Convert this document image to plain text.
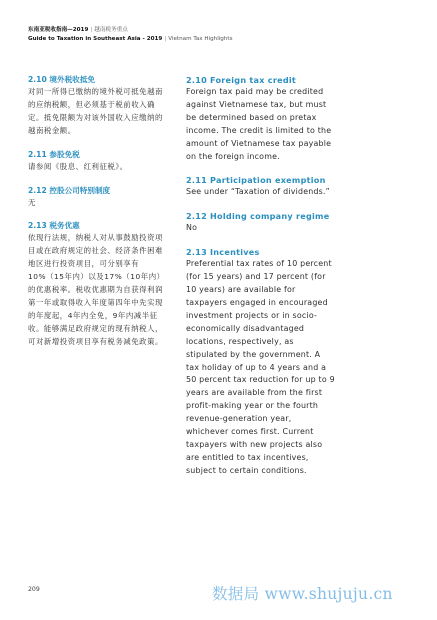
东南亚税收指南—2019 | 越南税务重点
Guide to Taxation in Southeast Asia - 2019 | Vietnam Tax Highlights
2.10 境外税收抵免
对同一所得已缴纳的境外税可抵免越南的应纳税额，但必须基于税前收入确定。抵免限额为对该外国收入应缴纳的越南税金额。
2.11 参股免税
请参阅《股息、红利征税》。
2.12 控股公司特别制度
无
2.13 税务优惠
依现行法规，纳税人对从事鼓励投资项目或在政府规定的社会、经济条件困难地区进行投资项目，可分别享有10%（15年内）以及17%（10年内）的优惠税率。税收优惠期为自获得利润第一年或取得收入年度第四年中先实现的年度起，4年内全免，9年内减半征收。能够满足政府规定的现有纳税人，可对新增投资项目享有税务减免政策。
2.10 Foreign tax credit
Foreign tax paid may be credited against Vietnamese tax, but must be determined based on pretax income. The credit is limited to the amount of Vietnamese tax payable on the foreign income.
2.11 Participation exemption
See under “Taxation of dividends.”
2.12 Holding company regime
No
2.13 Incentives
Preferential tax rates of 10 percent (for 15 years) and 17 percent (for 10 years) are available for taxpayers engaged in encouraged investment projects or in socio-economically disadvantaged locations, respectively, as stipulated by the government. A tax holiday of up to 4 years and a 50 percent tax reduction for up to 9 years are available from the first profit-making year or the fourth revenue-generation year, whichever comes first. Current taxpayers with new projects also are entitled to tax incentives, subject to certain conditions.
209	数据局 www.shujuju.cn
